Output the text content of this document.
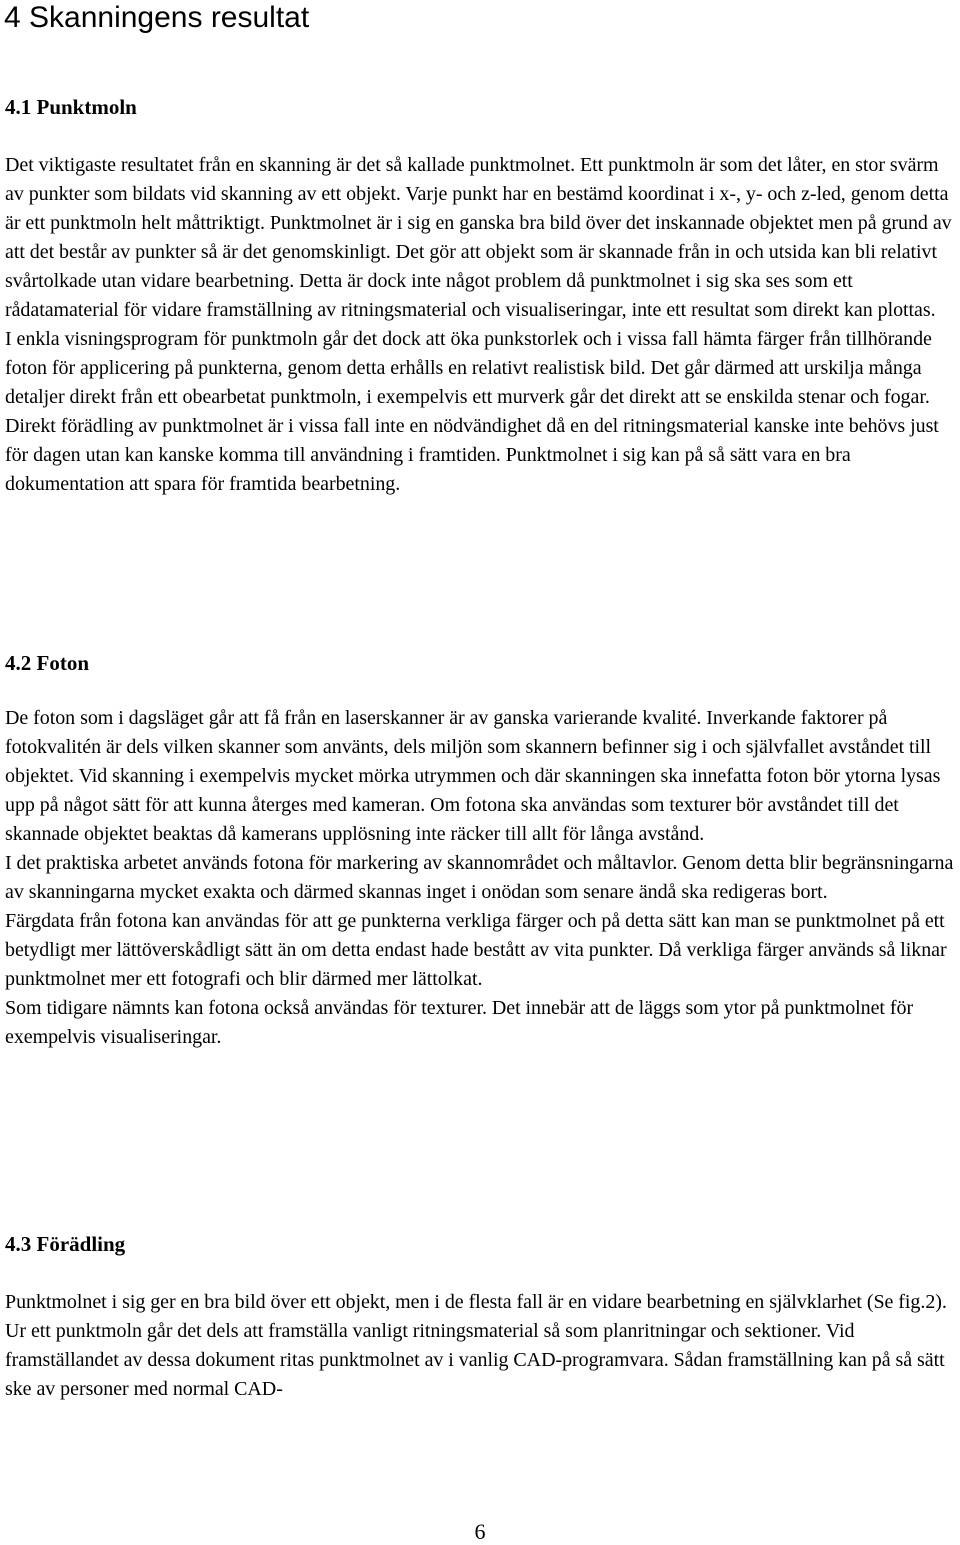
4 Skanningens resultat
4.1 Punktmoln

Det viktigaste resultatet från en skanning är det så kallade punktmolnet. Ett punktmoln är som det låter, en stor svärm av punkter som bildats vid skanning av ett objekt. Varje punkt har en bestämd koordinat i x-, y- och z-led, genom detta är ett punktmoln helt måttriktigt. Punktmolnet är i sig en ganska bra bild över det inskannade objektet men på grund av att det består av punkter så är det genomskinligt. Det gör att objekt som är skannade från in och utsida kan bli relativt svårtolkade utan vidare bearbetning. Detta är dock inte något problem då punktmolnet i sig ska ses som ett rådatamaterial för vidare framställning av ritningsmaterial och visualiseringar, inte ett resultat som direkt kan plottas.

I enkla visningsprogram för punktmoln går det dock att öka punkstorlek och i vissa fall hämta färger från tillhörande foton för applicering på punkterna, genom detta erhålls en relativt realistisk bild. Det går därmed att urskilja många detaljer direkt från ett obearbetat punktmoln, i exempelvis ett murverk går det direkt att se enskilda stenar och fogar.

Direkt förädling av punktmolnet är i vissa fall inte en nödvändighet då en del ritningsmaterial kanske inte behövs just för dagen utan kan kanske komma till användning i framtiden. Punktmolnet i sig kan på så sätt vara en bra dokumentation att spara för framtida bearbetning.

4.2 Foton

De foton som i dagsläget går att få från en laserskanner är av ganska varierande kvalité. Inverkande faktorer på fotokvalitén är dels vilken skanner som använts, dels miljön som skannern befinner sig i och självfallet avståndet till objektet. Vid skanning i exempelvis mycket mörka utrymmen och där skanningen ska innefatta foton bör ytorna lysas upp på något sätt för att kunna återges med kameran. Om fotona ska användas som texturer bör avståndet till det skannade objektet beaktas då kamerans upplösning inte räcker till allt för långa avstånd.

I det praktiska arbetet används fotona för markering av skannområdet och måltavlor. Genom detta blir begränsningarna av skanningarna mycket exakta och därmed skannas inget i onödan som senare ändå ska redigeras bort.

Färgdata från fotona kan användas för att ge punkterna verkliga färger och på detta sätt kan man se punktmolnet på ett betydligt mer lättöverskådligt sätt än om detta endast hade bestått av vita punkter. Då verkliga färger används så liknar punktmolnet mer ett fotografi och blir därmed mer lättolkat.

Som tidigare nämnts kan fotona också användas för texturer. Det innebär att de läggs som ytor på punktmolnet för exempelvis visualiseringar.

4.3 Förädling

Punktmolnet i sig ger en bra bild över ett objekt, men i de flesta fall är en vidare bearbetning en självklarhet (Se fig.2).

Ur ett punktmoln går det dels att framställa vanligt ritningsmaterial så som planritningar och sektioner. Vid framställandet av dessa dokument ritas punktmolnet av i vanlig CAD-programvara. Sådan framställning kan på så sätt ske av personer med normal CAD-

6
